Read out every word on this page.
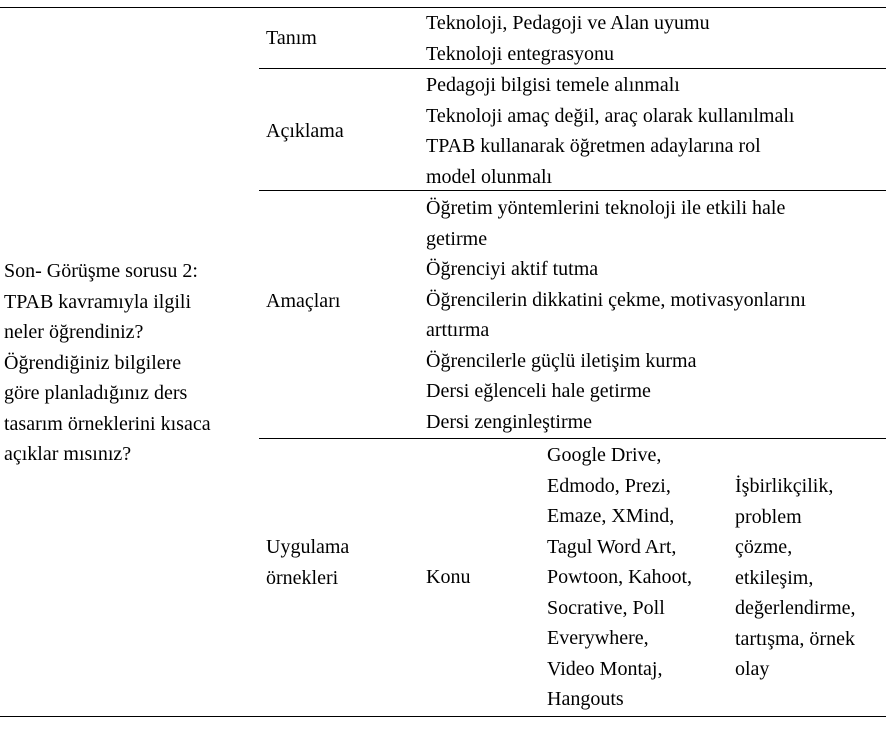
Son- Görüşme sorusu 2:
TPAB kavramıyla ilgili
neler öğrendiniz?
Öğrendiğiniz bilgilere
göre planladığınız ders
tasarım örneklerini kısaca
açıklar mısınız?
Tanım
Teknoloji, Pedagoji ve Alan uyumu
Teknoloji entegrasyonu
Açıklama
Pedagoji bilgisi temele alınmalı
Teknoloji amaç değil, araç olarak kullanılmalı
TPAB kullanarak öğretmen adaylarına rol
model olunmalı
Amaçları
Öğretim yöntemlerini teknoloji ile etkili hale
getirme
Öğrenciyi aktif tutma
Öğrencilerin dikkatini çekme, motivasyonlarını
arttırma
Öğrencilerle güçlü iletişim kurma
Dersi eğlenceli hale getirme
Dersi zenginleştirme
Uygulama
örnekleri	Konu
Google Drive,
Edmodo, Prezi,
Emaze, XMind,
Tagul Word Art,
Powtoon, Kahoot,
Socrative, Poll
Everywhere,
Video Montaj,
Hangouts
İşbirlikçilik,
problem
çözme,
etkileşim,
değerlendirme,
tartışma, örnek
olay
